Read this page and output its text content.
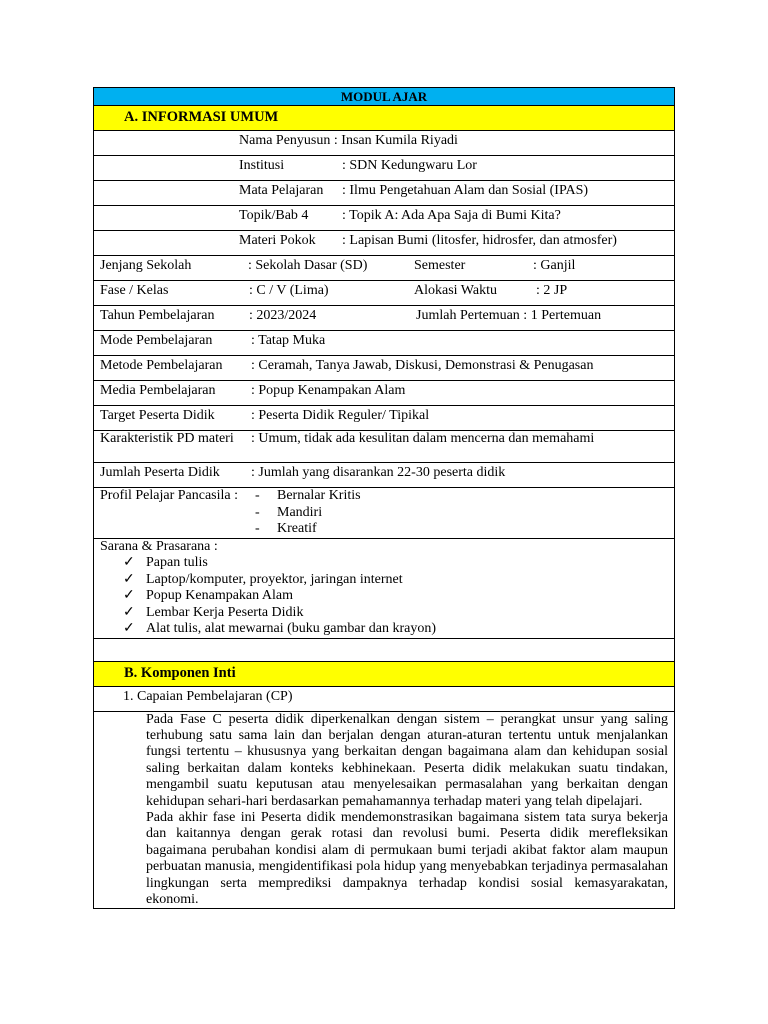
MODUL AJAR
A. INFORMASI UMUM
Nama Penyusun : Insan Kumila Riyadi
Institusi	: SDN Kedungwaru Lor
Mata Pelajaran : Ilmu Pengetahuan Alam dan Sosial (IPAS)
Topik/Bab 4 : Topik A: Ada Apa Saja di Bumi Kita?
Materi Pokok : Lapisan Bumi (litosfer, hidrosfer, dan atmosfer)
Jenjang Sekolah	: Sekolah Dasar (SD)	Semester	: Ganjil
Fase / Kelas	: C / V (Lima)	Alokasi Waktu	: 2 JP
Tahun Pembelajaran : 2023/2024	Jumlah Pertemuan : 1 Pertemuan
Mode Pembelajaran	: Tatap Muka
Metode Pembelajaran : Ceramah, Tanya Jawab, Diskusi, Demonstrasi & Penugasan
Media Pembelajaran	: Popup Kenampakan Alam
Target Peserta Didik	: Peserta Didik Reguler/ Tipikal
Karakteristik PD materi : Umum, tidak ada kesulitan dalam mencerna dan memahami
Jumlah Peserta Didik : Jumlah yang disarankan 22-30 peserta didik

Profil Pelajar Pancasila :- Bernalar Kritis
- Mandiri
- Kreatif

Sarana & Prasarana :
✓ Papan tulis
✓ Laptop/komputer, proyektor, jaringan internet
✓ Popup Kenampakan Alam
✓ Lembar Kerja Peserta Didik
✓ Alat tulis, alat mewarnai (buku gambar dan krayon)

B. Komponen Inti
1. Capaian Pembelajaran (CP)

Pada Fase C peserta didik diperkenalkan dengan sistem – perangkat unsur yang saling terhubung satu sama lain dan berjalan dengan aturan-aturan tertentu untuk menjalankan fungsi tertentu – khususnya yang berkaitan dengan bagaimana alam dan kehidupan sosial saling berkaitan dalam konteks kebhinekaan. Peserta didik melakukan suatu tindakan, mengambil suatu keputusan atau menyelesaikan permasalahan yang berkaitan dengan kehidupan sehari-hari berdasarkan pemahamannya terhadap materi yang telah dipelajari.

Pada akhir fase ini Peserta didik mendemonstrasikan bagaimana sistem tata surya bekerja dan kaitannya dengan gerak rotasi dan revolusi bumi. Peserta didik merefleksikan bagaimana perubahan kondisi alam di permukaan bumi terjadi akibat faktor alam maupun perbuatan manusia, mengidentifikasi pola hidup yang menyebabkan terjadinya permasalahan lingkungan serta memprediksi dampaknya terhadap kondisi sosial kemasyarakatan, ekonomi.
